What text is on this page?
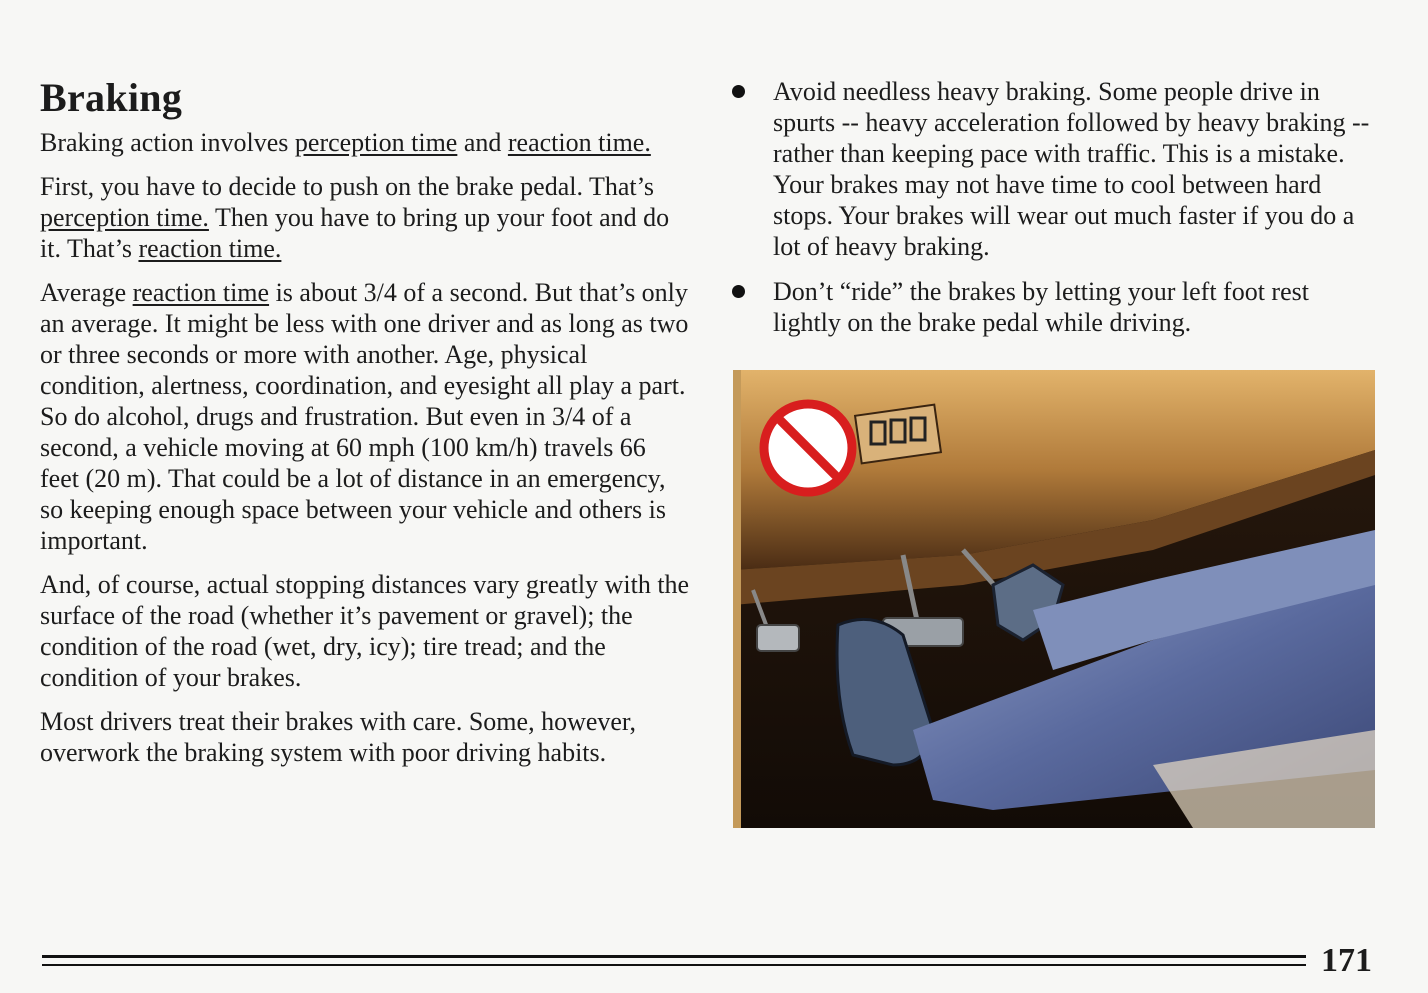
Braking

Braking action involves perception time and reaction time.

First, you have to decide to push on the brake pedal. That’s perception time. Then you have to bring up your foot and do it. That’s reaction time.

Average reaction time is about 3/4 of a second. But that’s only an average. It might be less with one driver and as long as two or three seconds or more with another. Age, physical condition, alertness, coordination, and eyesight all play a part. So do alcohol, drugs and frustration. But even in 3/4 of a second, a vehicle moving at 60 mph (100 km/h) travels 66 feet (20 m). That could be a lot of distance in an emergency, so keeping enough space between your vehicle and others is important.

And, of course, actual stopping distances vary greatly with the surface of the road (whether it’s pavement or gravel); the condition of the road (wet, dry, icy); tire tread; and the condition of your brakes.

Most drivers treat their brakes with care. Some, however, overwork the braking system with poor driving habits.

Avoid needless heavy braking. Some people drive in spurts -- heavy acceleration followed by heavy braking -- rather than keeping pace with traffic. This is a mistake. Your brakes may not have time to cool between hard stops. Your brakes will wear out much faster if you do a lot of heavy braking.
Don’t “ride” the brakes by letting your left foot rest lightly on the brake pedal while driving.
171
